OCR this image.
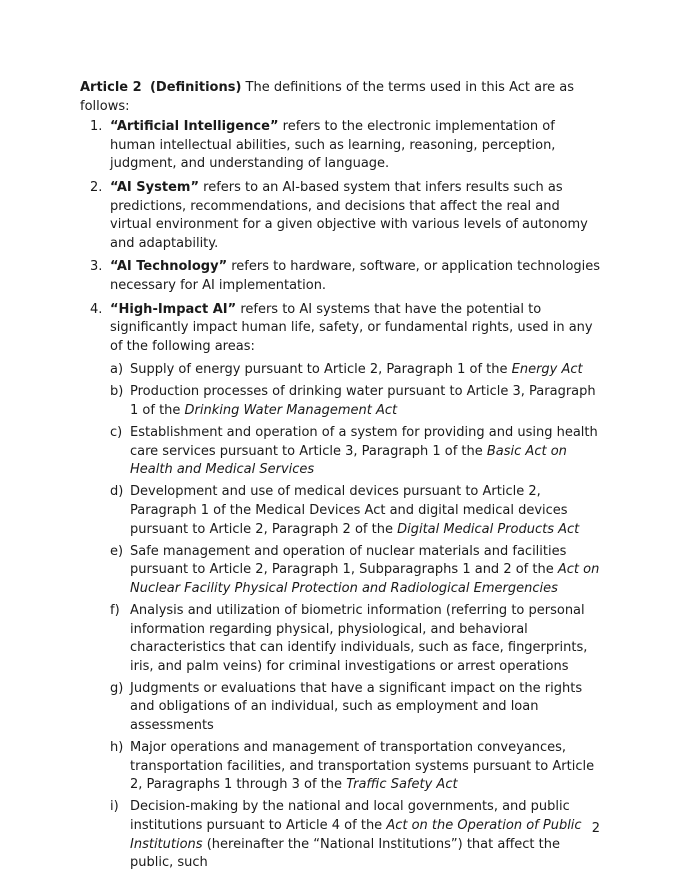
Article 2 (Definitions) The definitions of the terms used in this Act are as follows:

1. “Artificial Intelligence” refers to the electronic implementation of human intellectual abilities, such as learning, reasoning, perception, judgment, and understanding of language.
2. “AI System” refers to an AI-based system that infers results such as predictions, recommendations, and decisions that affect the real and virtual environment for a given objective with various levels of autonomy and adaptability.
3. “AI Technology” refers to hardware, software, or application technologies necessary for AI implementation.
4. “High-Impact AI” refers to AI systems that have the potential to significantly impact human life, safety, or fundamental rights, used in any of the following areas:
a) Supply of energy pursuant to Article 2, Paragraph 1 of the Energy Act
b) Production processes of drinking water pursuant to Article 3, Paragraph 1 of the Drinking Water Management Act
c) Establishment and operation of a system for providing and using health care services pursuant to Article 3, Paragraph 1 of the Basic Act on Health and Medical Services
d) Development and use of medical devices pursuant to Article 2, Paragraph 1 of the Medical Devices Act and digital medical devices pursuant to Article 2, Paragraph 2 of the Digital Medical Products Act
e) Safe management and operation of nuclear materials and facilities pursuant to Article 2, Paragraph 1, Subparagraphs 1 and 2 of the Act on Nuclear Facility Physical Protection and Radiological Emergencies
f) Analysis and utilization of biometric information (referring to personal information regarding physical, physiological, and behavioral characteristics that can identify individuals, such as face, fingerprints, iris, and palm veins) for criminal investigations or arrest operations
g) Judgments or evaluations that have a significant impact on the rights and obligations of an individual, such as employment and loan assessments
h) Major operations and management of transportation conveyances, transportation facilities, and transportation systems pursuant to Article 2, Paragraphs 1 through 3 of the Traffic Safety Act
i) Decision-making by the national and local governments, and public institutions pursuant to Article 4 of the Act on the Operation of Public Institutions (hereinafter the “National Institutions”) that affect the public, such
2
